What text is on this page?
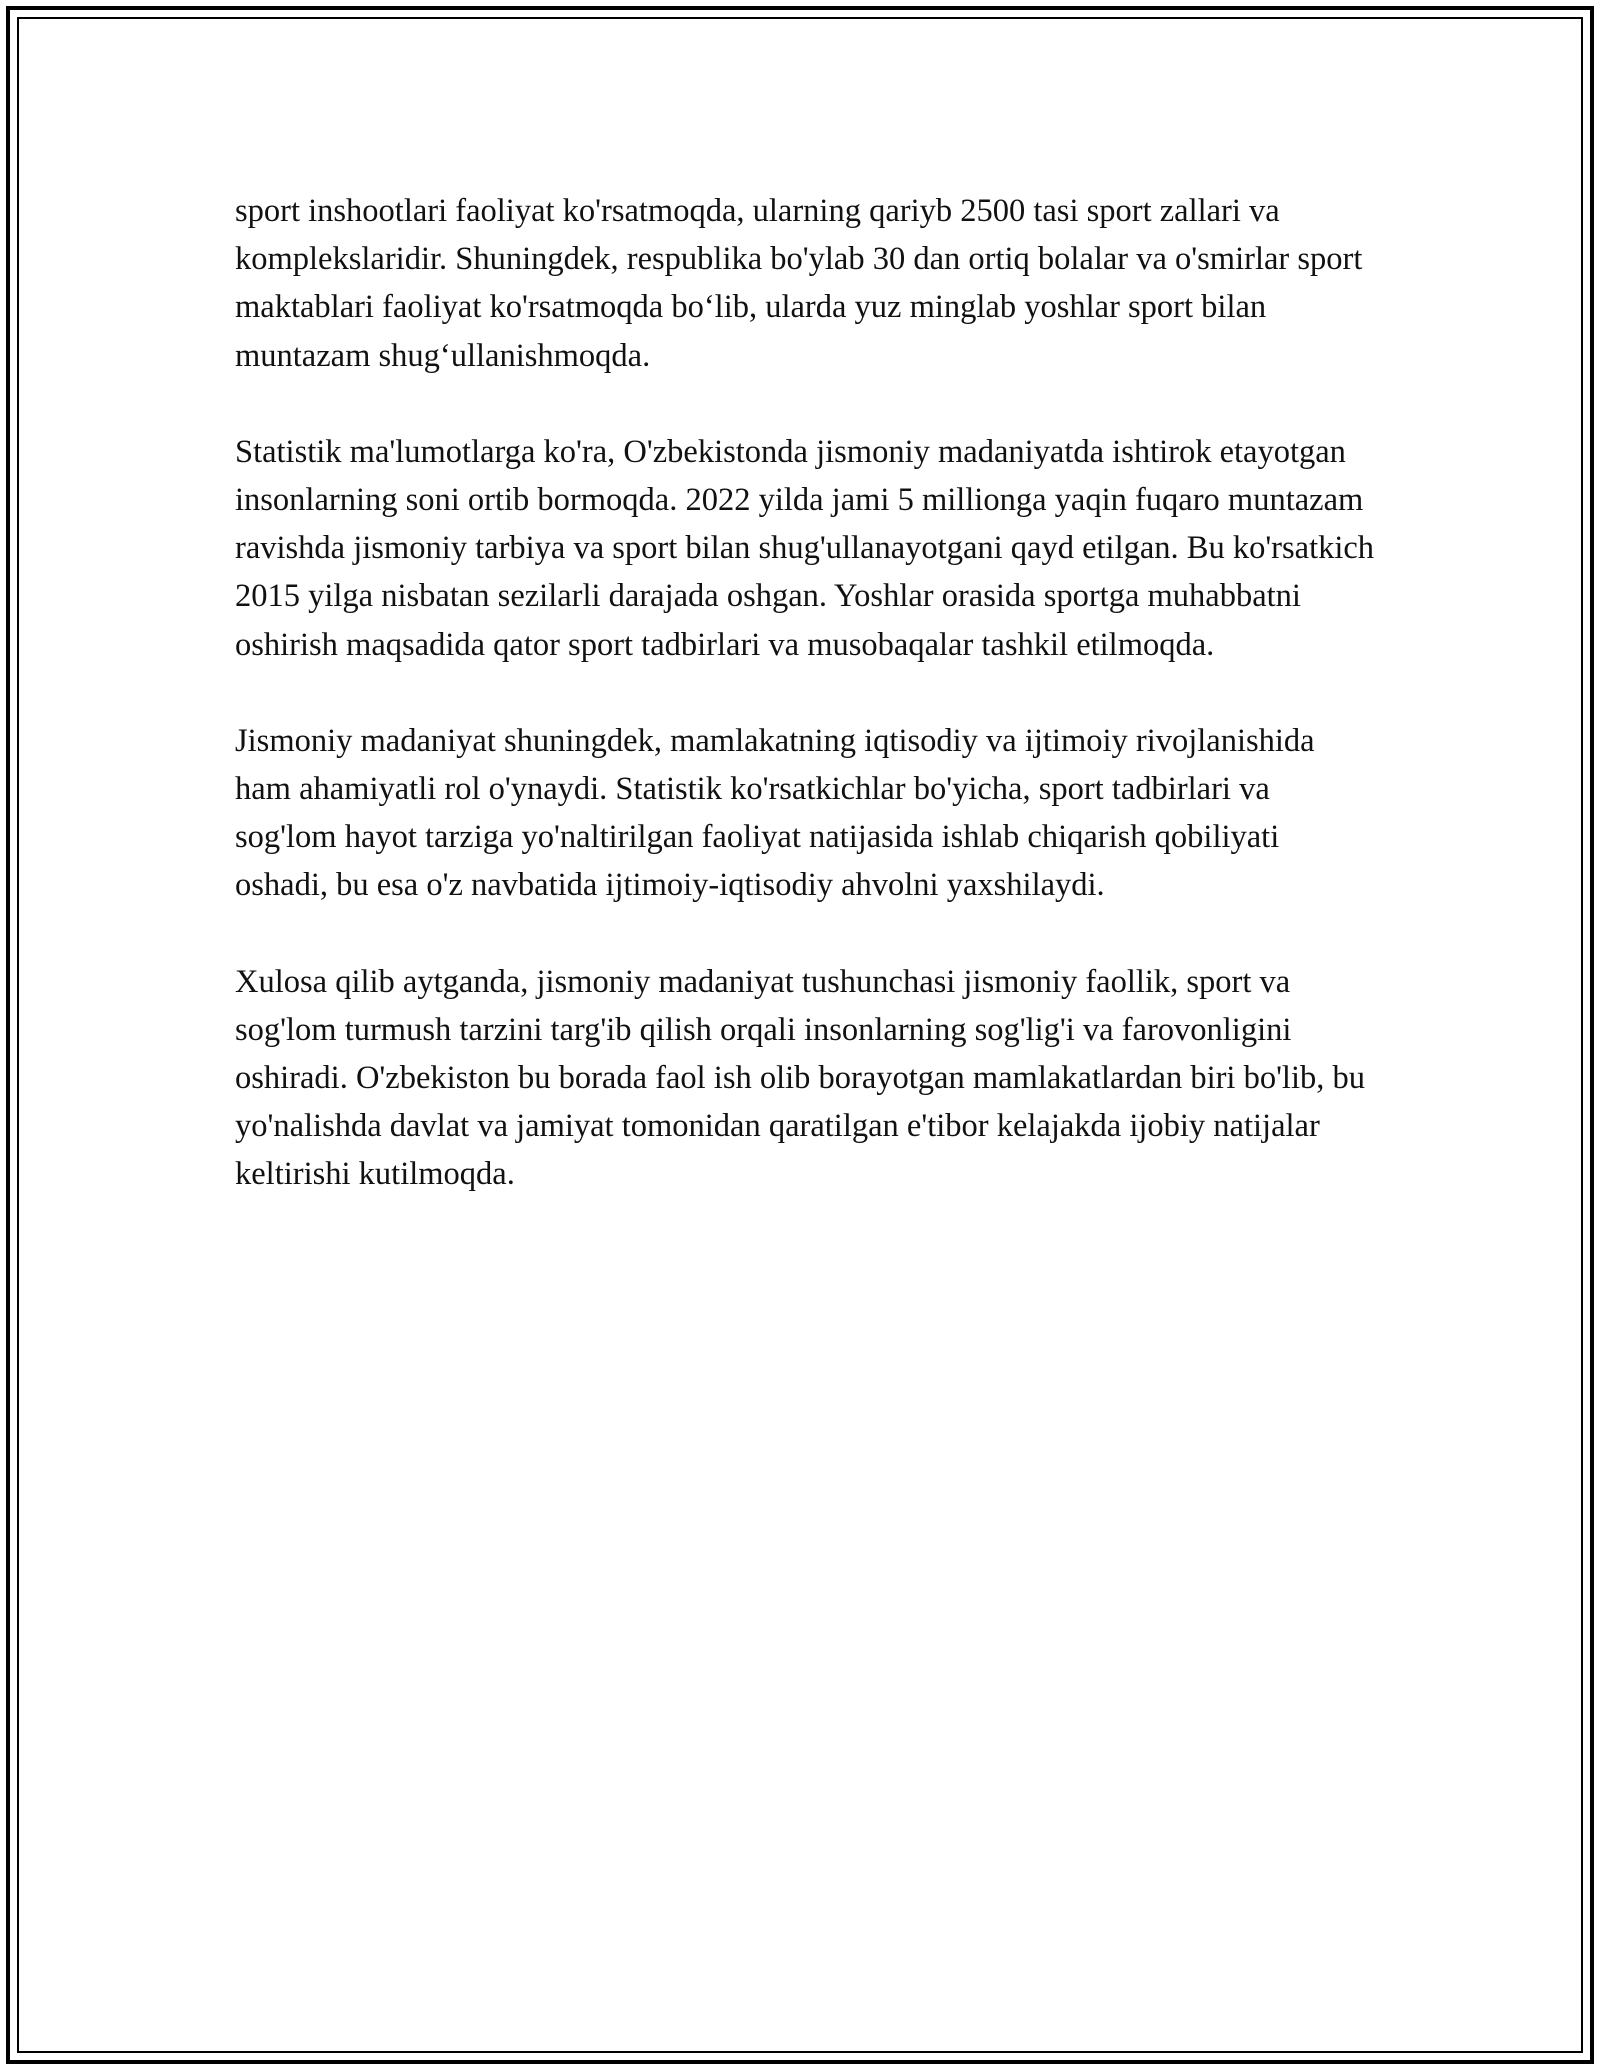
sport inshootlari faoliyat ko'rsatmoqda, ularning qariyb 2500 tasi sport zallari va komplekslaridir. Shuningdek, respublika bo'ylab 30 dan ortiq bolalar va o'smirlar sport maktablari faoliyat ko'rsatmoqda bo‘lib, ularda yuz minglab yoshlar sport bilan muntazam shug‘ullanishmoqda.

Statistik ma'lumotlarga ko'ra, O'zbekistonda jismoniy madaniyatda ishtirok etayotgan insonlarning soni ortib bormoqda. 2022 yilda jami 5 millionga yaqin fuqaro muntazam ravishda jismoniy tarbiya va sport bilan shug'ullanayotgani qayd etilgan. Bu ko'rsatkich 2015 yilga nisbatan sezilarli darajada oshgan. Yoshlar orasida sportga muhabbatni oshirish maqsadida qator sport tadbirlari va musobaqalar tashkil etilmoqda.

Jismoniy madaniyat shuningdek, mamlakatning iqtisodiy va ijtimoiy rivojlanishida ham ahamiyatli rol o'ynaydi. Statistik ko'rsatkichlar bo'yicha, sport tadbirlari va sog'lom hayot tarziga yo'naltirilgan faoliyat natijasida ishlab chiqarish qobiliyati oshadi, bu esa o'z navbatida ijtimoiy-iqtisodiy ahvolni yaxshilaydi.

Xulosa qilib aytganda, jismoniy madaniyat tushunchasi jismoniy faollik, sport va sog'lom turmush tarzini targ'ib qilish orqali insonlarning sog'lig'i va farovonligini oshiradi. O'zbekiston bu borada faol ish olib borayotgan mamlakatlardan biri bo'lib, bu yo'nalishda davlat va jamiyat tomonidan qaratilgan e'tibor kelajakda ijobiy natijalar keltirishi kutilmoqda.
